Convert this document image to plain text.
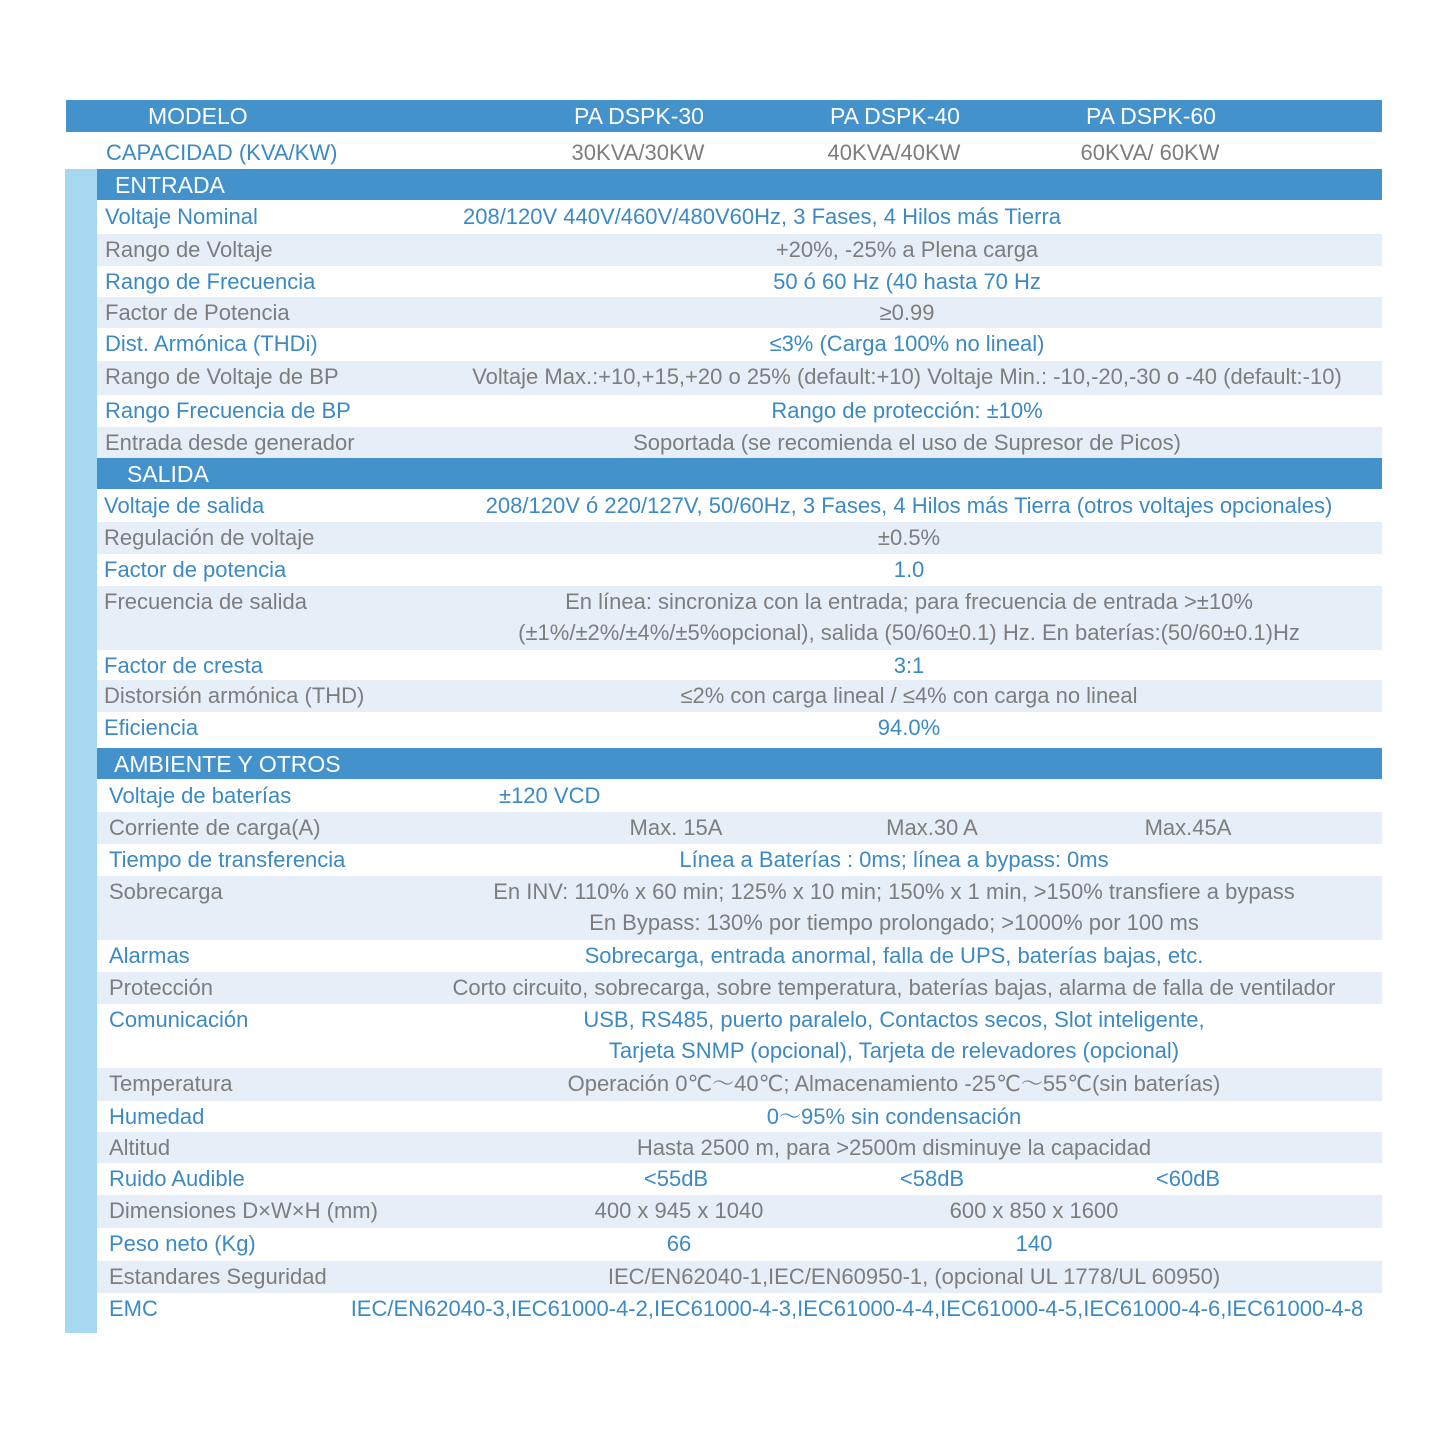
MODELO	PA DSPK-30	PA DSPK-40	PA DSPK-60
CAPACIDAD (KVA/KW)	30KVA/30KW	40KVA/40KW	60KVA/ 60KW
ENTRADA
Voltaje Nominal	208/120V 440V/460V/480V60Hz, 3 Fases, 4 Hilos más Tierra
Rango de Voltaje	+20%, -25% a Plena carga
Rango de Frecuencia	50 ó 60 Hz (40 hasta 70 Hz
Factor de Potencia	≥0.99
Dist. Armónica (THDi)	≤3% (Carga 100% no lineal)
Rango de Voltaje de BP	Voltaje Max.:+10,+15,+20 o 25% (default:+10) Voltaje Min.: -10,-20,-30 o -40 (default:-10)
Rango Frecuencia de BP	Rango de protección: ±10%
Entrada desde generador	Soportada (se recomienda el uso de Supresor de Picos)
SALIDA
Voltaje de salida	208/120V ó 220/127V, 50/60Hz, 3 Fases, 4 Hilos más Tierra (otros voltajes opcionales)
Regulación de voltaje	±0.5%
Factor de potencia	1.0
Frecuencia de salida	En línea: sincroniza con la entrada; para frecuencia de entrada >±10%
(±1%/±2%/±4%/±5%opcional), salida (50/60±0.1) Hz. En baterías:(50/60±0.1)Hz
Factor de cresta	3:1
Distorsión armónica (THD)	≤2% con carga lineal / ≤4% con carga no lineal
Eficiencia	94.0%
AMBIENTE Y OTROS
Voltaje de baterías	±120 VCD
Corriente de carga(A)	Max. 15A	Max.30 A	Max.45A
Tiempo de transferencia	Línea a Baterías : 0ms; línea a bypass: 0ms
Sobrecarga	En INV: 110% x 60 min; 125% x 10 min; 150% x 1 min, >150% transfiere a bypass
En Bypass: 130% por tiempo prolongado; >1000% por 100 ms
Alarmas	Sobrecarga, entrada anormal, falla de UPS, baterías bajas, etc.
Protección	Corto circuito, sobrecarga, sobre temperatura, baterías bajas, alarma de falla de ventilador
Comunicación	USB, RS485, puerto paralelo, Contactos secos, Slot inteligente,
Tarjeta SNMP (opcional), Tarjeta de relevadores (opcional)
Temperatura	Operación 0℃～40℃; Almacenamiento -25℃～55℃(sin baterías)
Humedad	0～95% sin condensación
Altitud	Hasta 2500 m, para >2500m disminuye la capacidad
Ruido Audible	<55dB	<58dB	<60dB
Dimensiones D×W×H (mm)	400 x 945 x 1040	600 x 850 x 1600
Peso neto (Kg)	66	140
Estandares Seguridad	IEC/EN62040-1,IEC/EN60950-1, (opcional UL 1778/UL 60950)
EMC	IEC/EN62040-3,IEC61000-4-2,IEC61000-4-3,IEC61000-4-4,IEC61000-4-5,IEC61000-4-6,IEC61000-4-8
